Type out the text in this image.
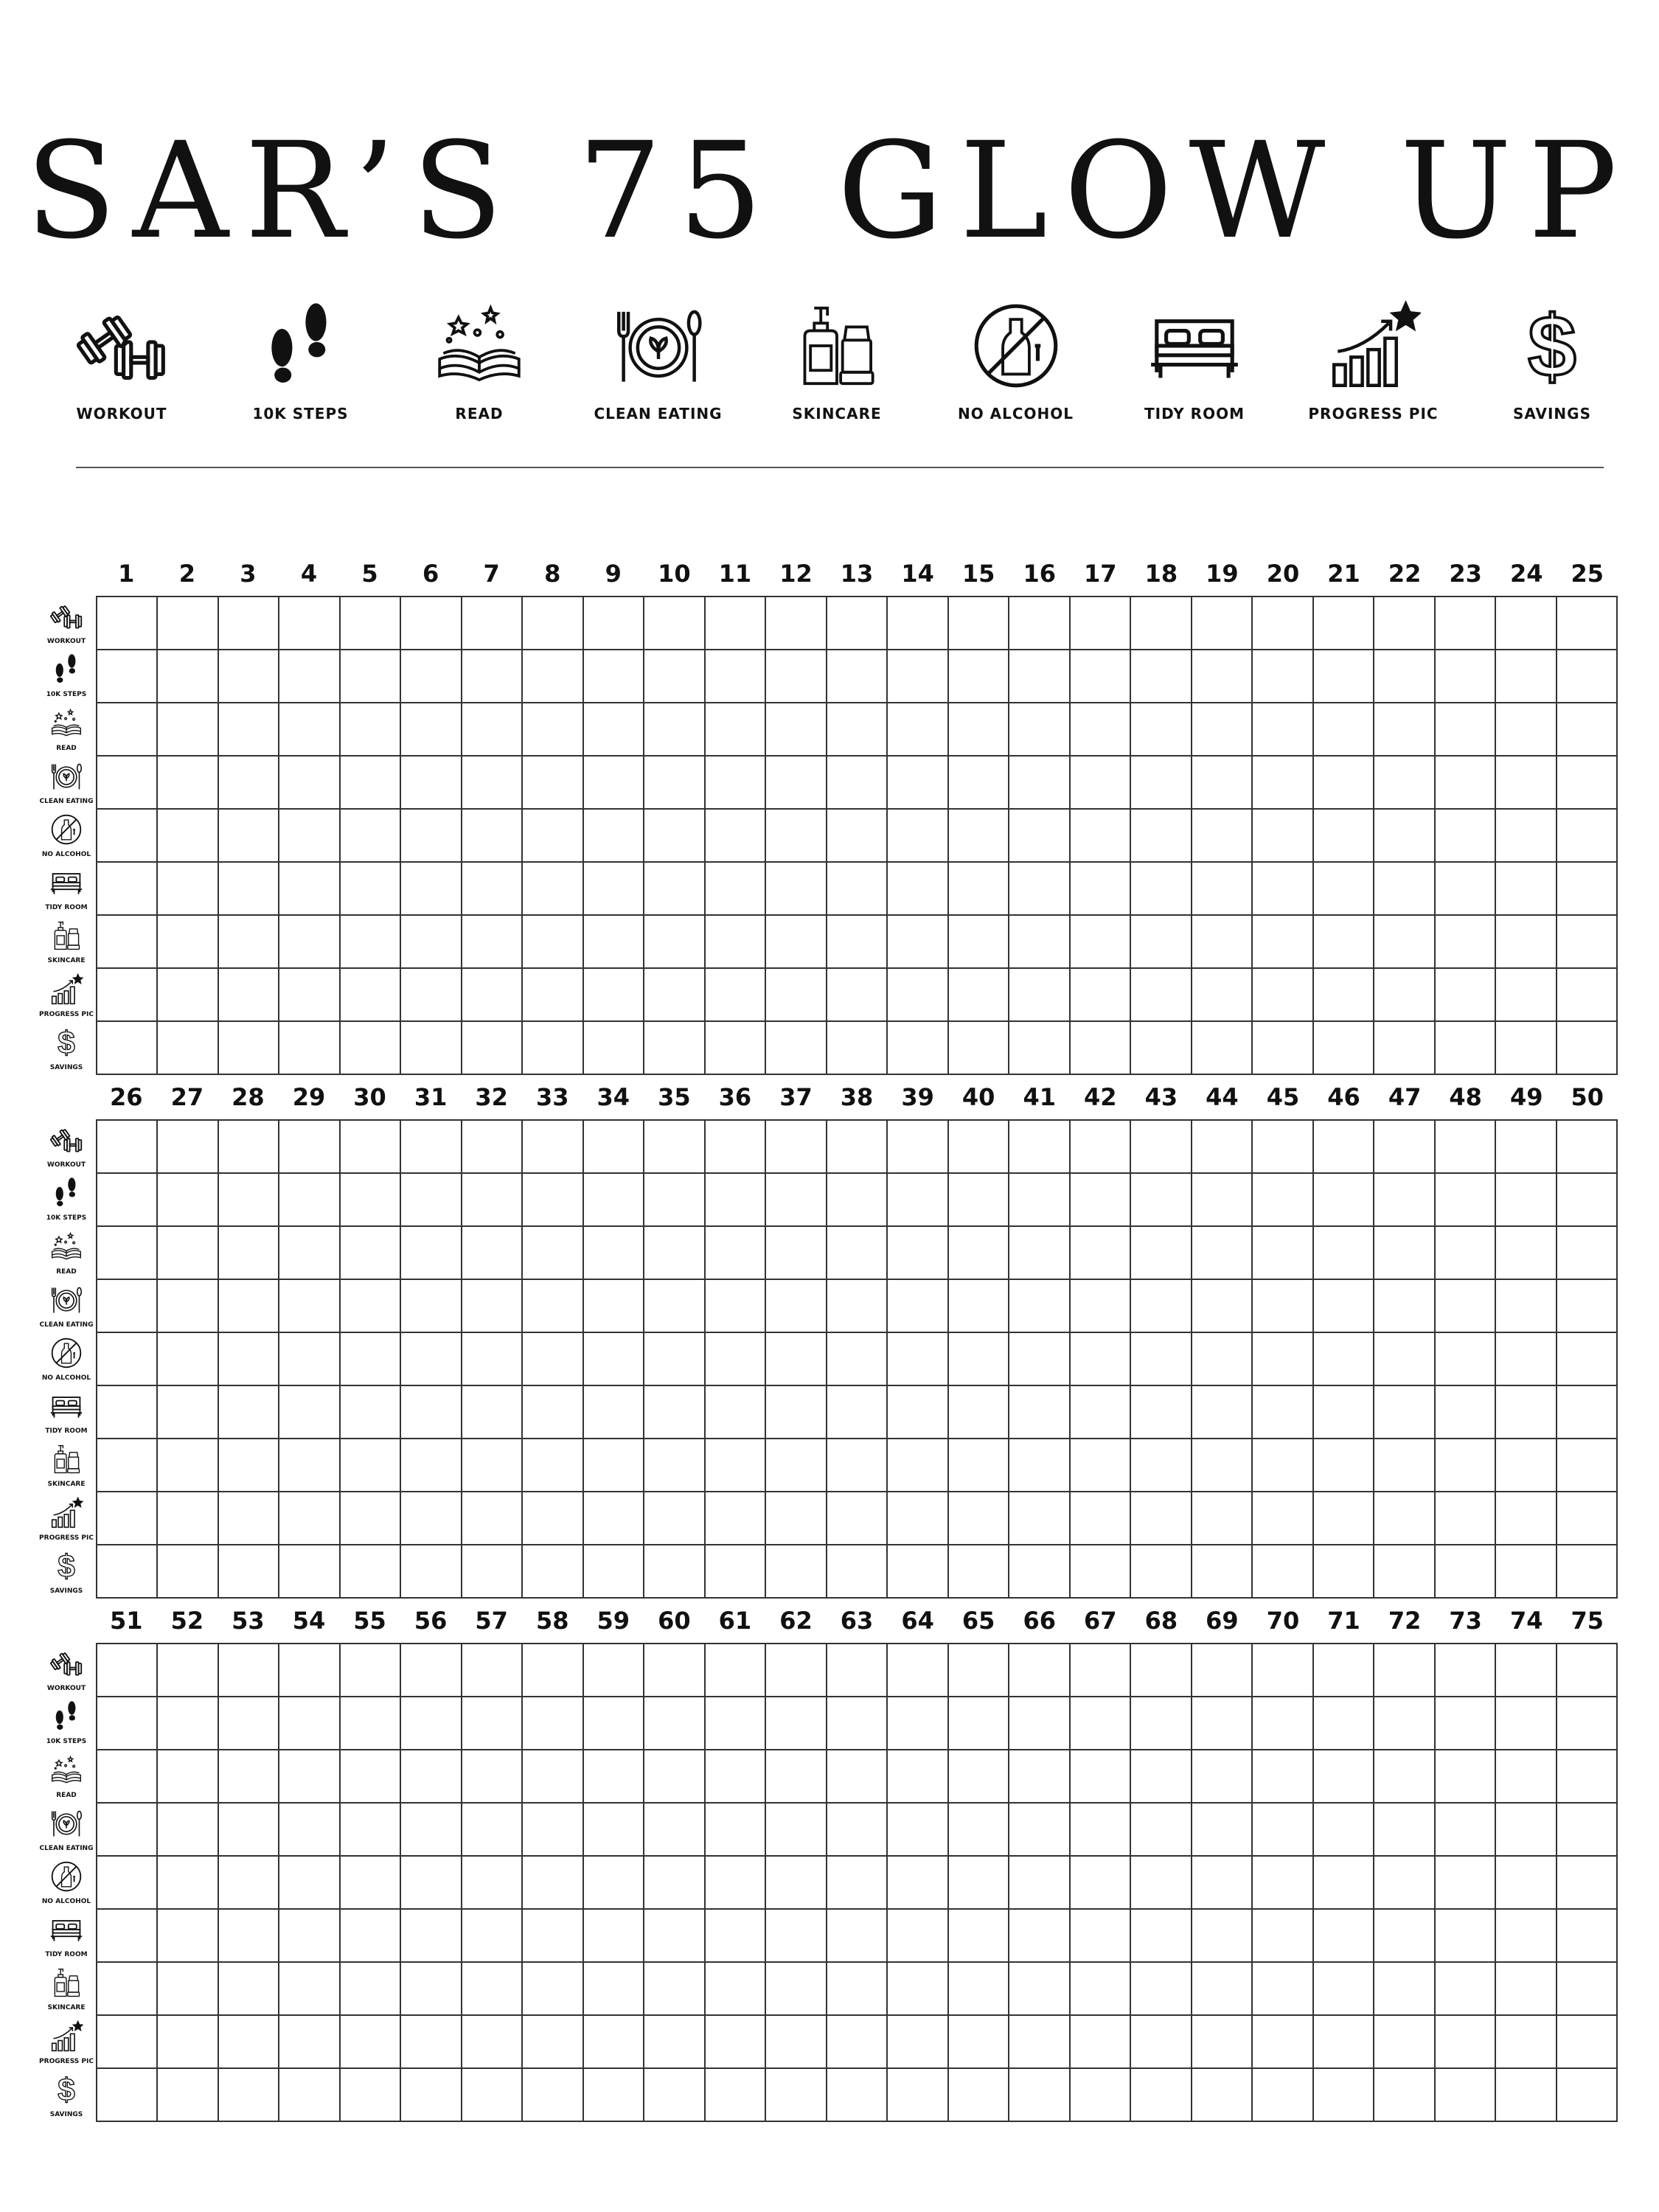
SAR’S 75 GLOW UP
WORKOUT	10K STEPS	READ	CLEAN EATING	SKINCARE	NO ALCOHOL	TIDY ROOM	PROGRESS PIC
$
SAVINGS
1	2	3	4	5	6	7	8	9	10	11	12	13	14	15	16	17	18	19	20	21	22	23	24	25
WORKOUT
10K STEPS
READ
CLEAN EATING
NO ALCOHOL
TIDY ROOM
SKINCARE
PROGRESS PIC
$
SAVINGS
26	27	28	29	30	31	32	33	34	35	36	37	38	39	40	41	42	43	44	45	46	47	48	49	50
WORKOUT
10K STEPS
READ
CLEAN EATING
NO ALCOHOL
TIDY ROOM
SKINCARE
PROGRESS PIC
$
SAVINGS
51	52	53	54	55	56	57	58	59	60	61	62	63	64	65	66	67	68	69	70	71	72	73	74	75
WORKOUT
10K STEPS
READ
CLEAN EATING
NO ALCOHOL
TIDY ROOM
SKINCARE
PROGRESS PIC
$
SAVINGS
